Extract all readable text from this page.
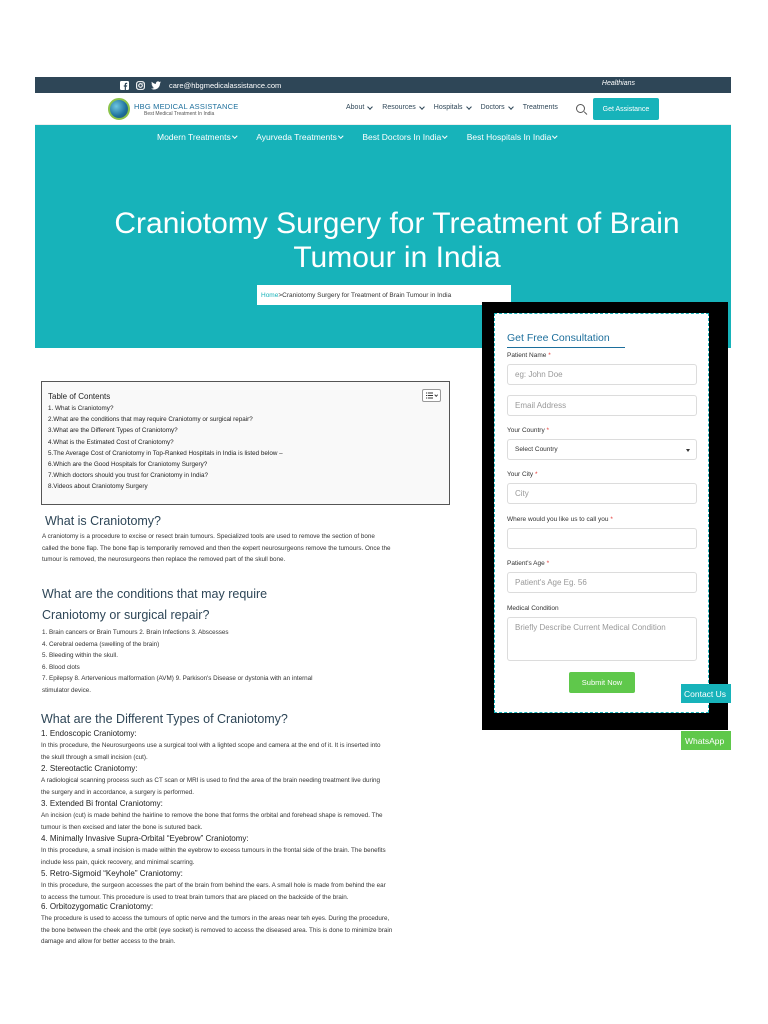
care@hbgmedicalassistance.com	Healthians
HBG MEDICAL ASSISTANCE
Best Medical Treatment In India
About	Resources	Hospitals	Doctors	Treatments	Get Assistance
Modern Treatments	Ayurveda Treatments	Best Doctors In India	Best Hospitals In India
Craniotomy Surgery for Treatment of Brain Tumour in India
Home >Craniotomy Surgery for Treatment of Brain Tumour in India
Get Free Consultation
Patient Name *
eg: John Doe
Email Address
Your Country *
Select Country
Your City *
City
Where would you like us to call you *
Patient's Age *
Patient's Age Eg. 56
Medical Condition
Briefly Describe Current Medical Condition
Submit Now
Contact Us
WhatsApp
Table of Contents
1. What is Craniotomy?
2.What are the conditions that may require Craniotomy or surgical repair?
3.What are the Different Types of Craniotomy?
4.What is the Estimated Cost of Craniotomy?
5.The Average Cost of Craniotomy in Top-Ranked Hospitals in India is listed below –
6.Which are the Good Hospitals for Craniotomy Surgery?
7.Which doctors should you trust for Craniotomy in India?
8.Videos about Craniotomy Surgery
What is Craniotomy?
A craniotomy is a procedure to excise or resect brain tumours. Specialized tools are used to remove the section of bone
called the bone flap. The bone flap is temporarily removed and then the expert neurosurgeons remove the tumours. Once the
tumour is removed, the neurosurgeons then replace the removed part of the skull bone.
What are the conditions that may require
Craniotomy or surgical repair?
1. Brain cancers or Brain Tumours 2. Brain Infections 3. Abscesses
4. Cerebral oedema (swelling of the brain)
5. Bleeding within the skull.
6. Blood clots
7. Epilepsy 8. Artervenious malformation (AVM) 9. Parkison's Disease or dystonia with an internal
stimulator device.
What are the Different Types of Craniotomy?
1. Endoscopic Craniotomy:
In this procedure, the Neurosurgeons use a surgical tool with a lighted scope and camera at the end of it. It is inserted into
the skull through a small incision (cut).
2. Stereotactic Craniotomy:
A radiological scanning process such as CT scan or MRI is used to find the area of the brain needing treatment live during
the surgery and in accordance, a surgery is performed.
3. Extended Bi frontal Craniotomy:
An incision (cut) is made behind the hairline to remove the bone that forms the orbital and forehead shape is removed. The
tumour is then excised and later the bone is sutured back.
4. Minimally Invasive Supra-Orbital “Eyebrow” Craniotomy:
In this procedure, a small incision is made within the eyebrow to excess tumours in the frontal side of the brain. The benefits
include less pain, quick recovery, and minimal scarring.
5. Retro-Sigmoid “Keyhole” Craniotomy:
In this procedure, the surgeon accesses the part of the brain from behind the ears. A small hole is made from behind the ear
to access the tumour. This procedure is used to treat brain tumors that are placed on the backside of the brain.
6. Orbitozygomatic Craniotomy:
The procedure is used to access the tumours of optic nerve and the tumors in the areas near teh eyes. During the procedure,
the bone between the cheek and the orbit (eye socket) is removed to access the diseased area. This is done to minimize brain
damage and allow for better access to the brain.
